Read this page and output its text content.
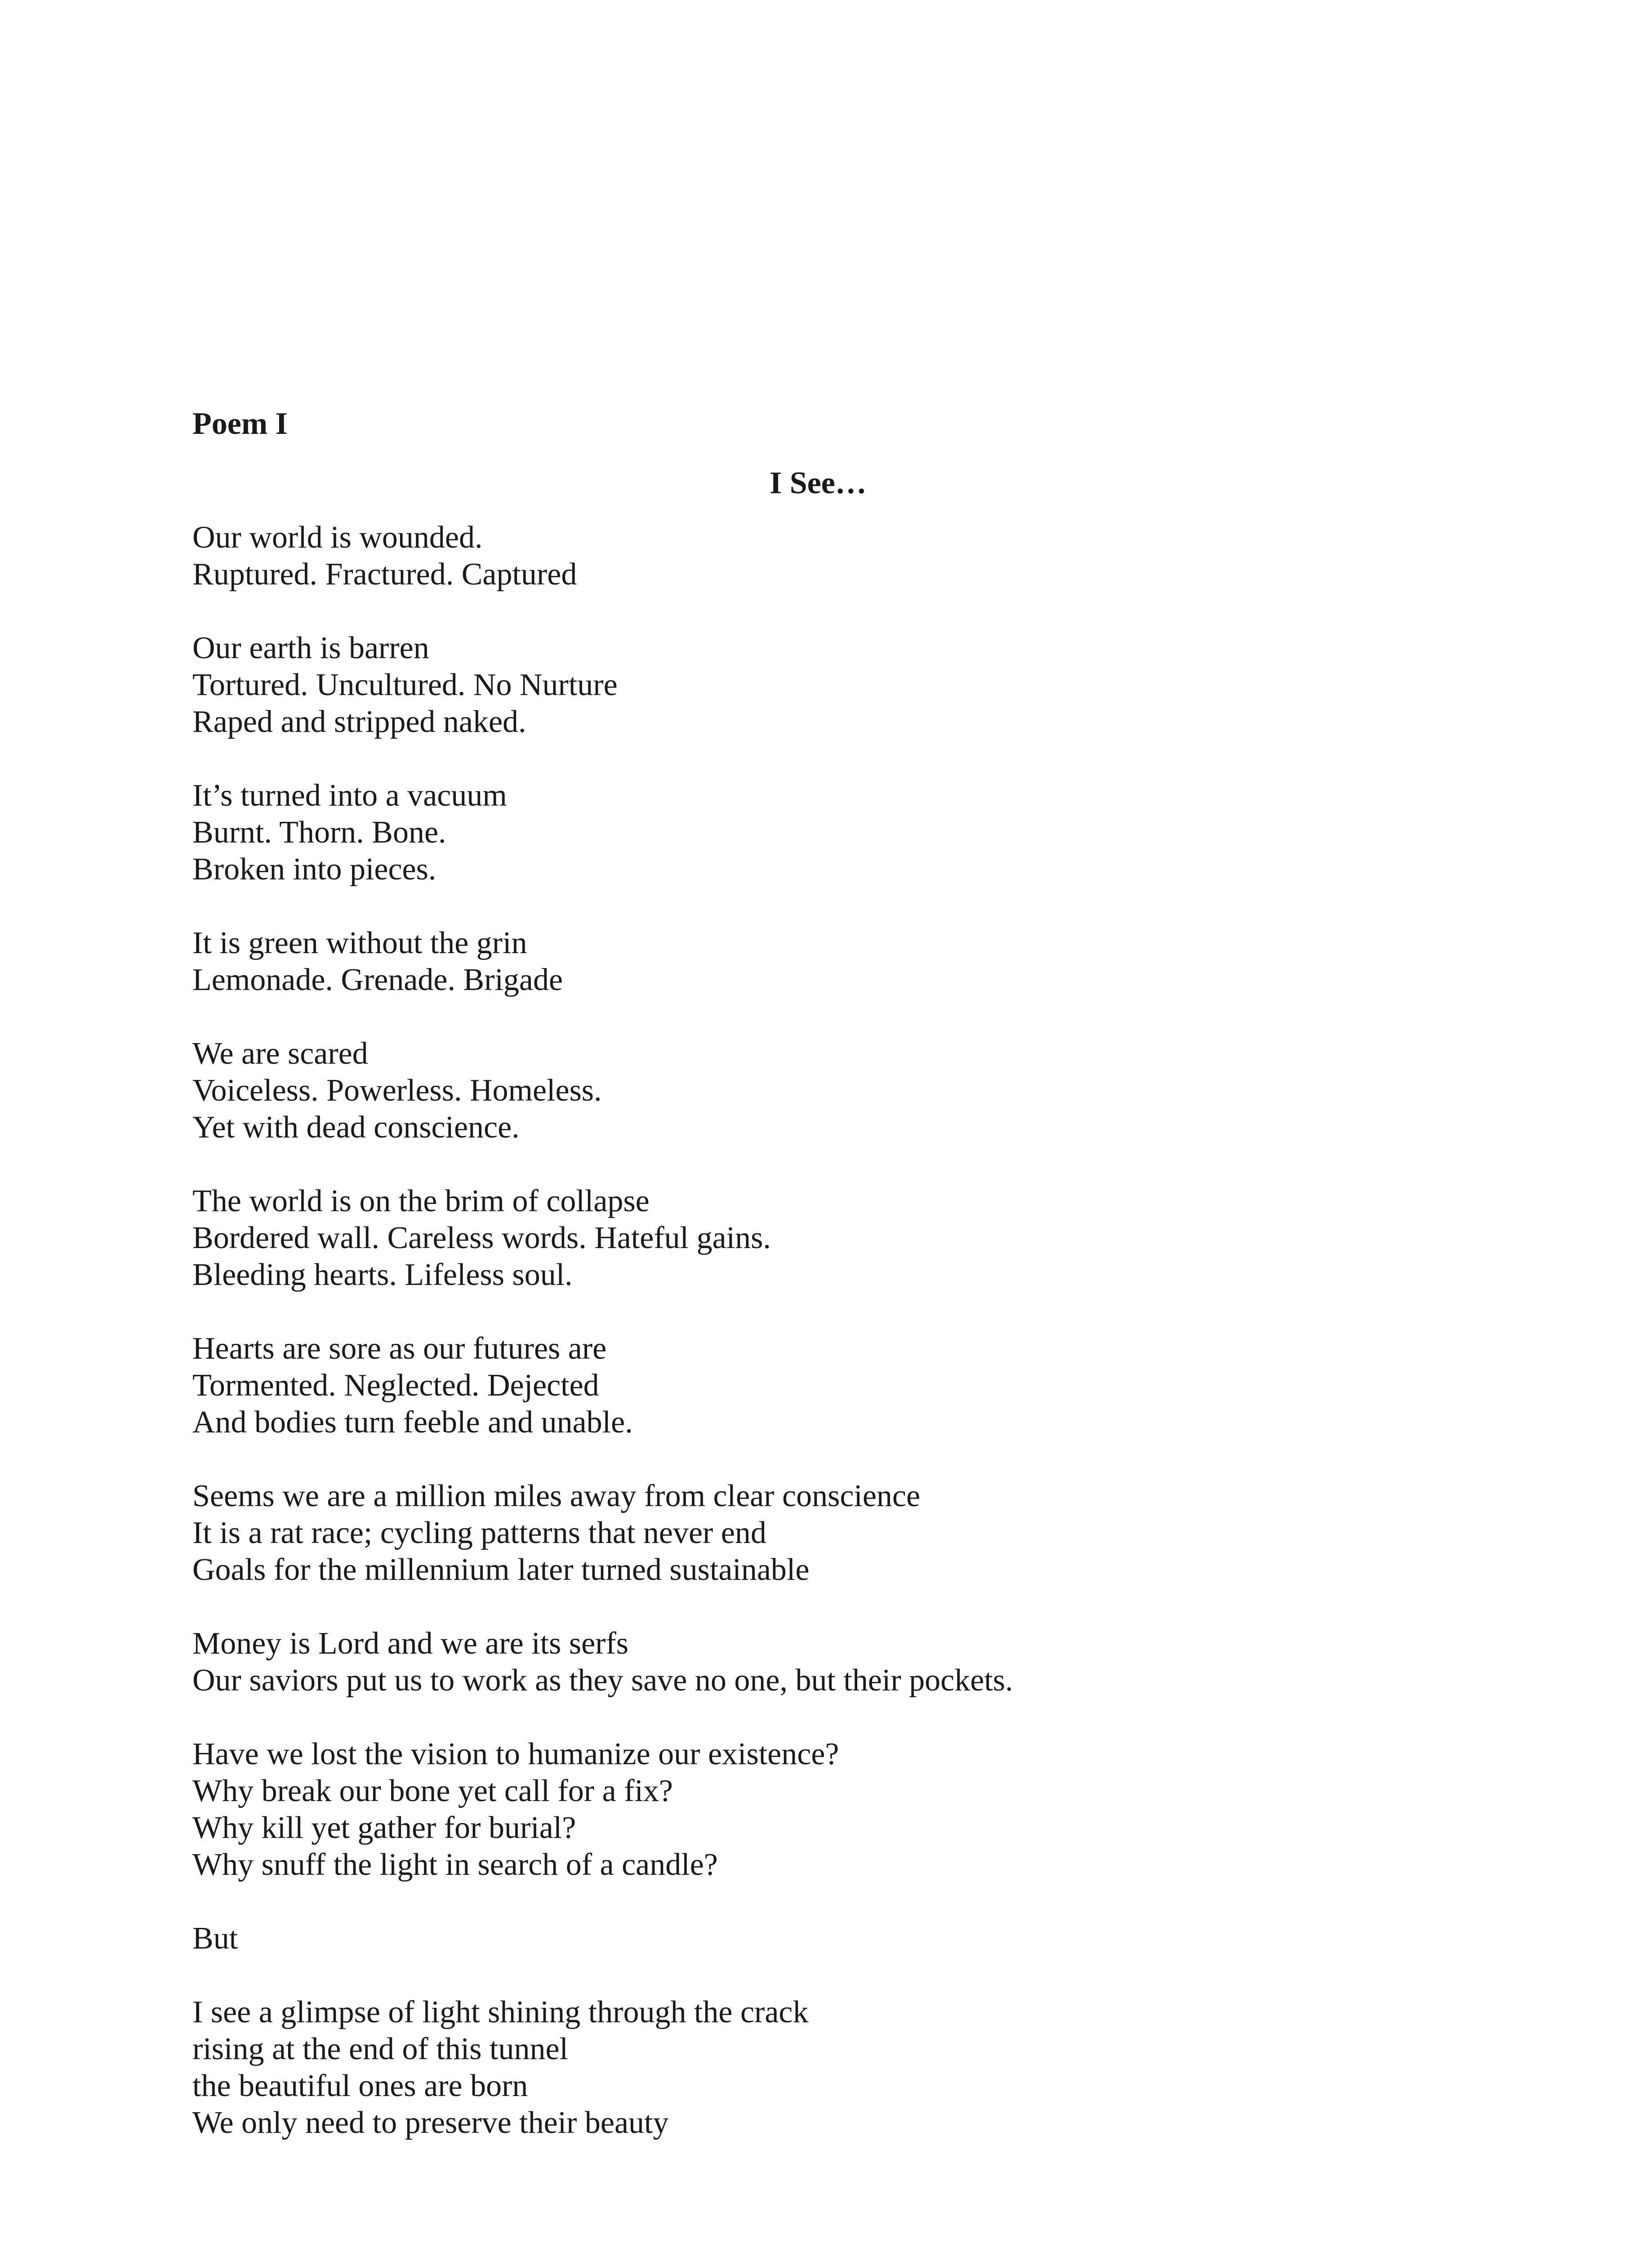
Poem I

I See…

Our world is wounded.
Ruptured. Fractured. Captured
Our earth is barren
Tortured. Uncultured. No Nurture
Raped and stripped naked.
It’s turned into a vacuum
Burnt. Thorn. Bone.
Broken into pieces.
It is green without the grin
Lemonade. Grenade. Brigade
We are scared
Voiceless. Powerless. Homeless.
Yet with dead conscience.
The world is on the brim of collapse
Bordered wall. Careless words. Hateful gains.
Bleeding hearts. Lifeless soul.
Hearts are sore as our futures are
Tormented. Neglected. Dejected
And bodies turn feeble and unable.
Seems we are a million miles away from clear conscience
It is a rat race; cycling patterns that never end
Goals for the millennium later turned sustainable
Money is Lord and we are its serfs
Our saviors put us to work as they save no one, but their pockets.
Have we lost the vision to humanize our existence?
Why break our bone yet call for a fix?
Why kill yet gather for burial?
Why snuff the light in search of a candle?
But
I see a glimpse of light shining through the crack
rising at the end of this tunnel
the beautiful ones are born
We only need to preserve their beauty
